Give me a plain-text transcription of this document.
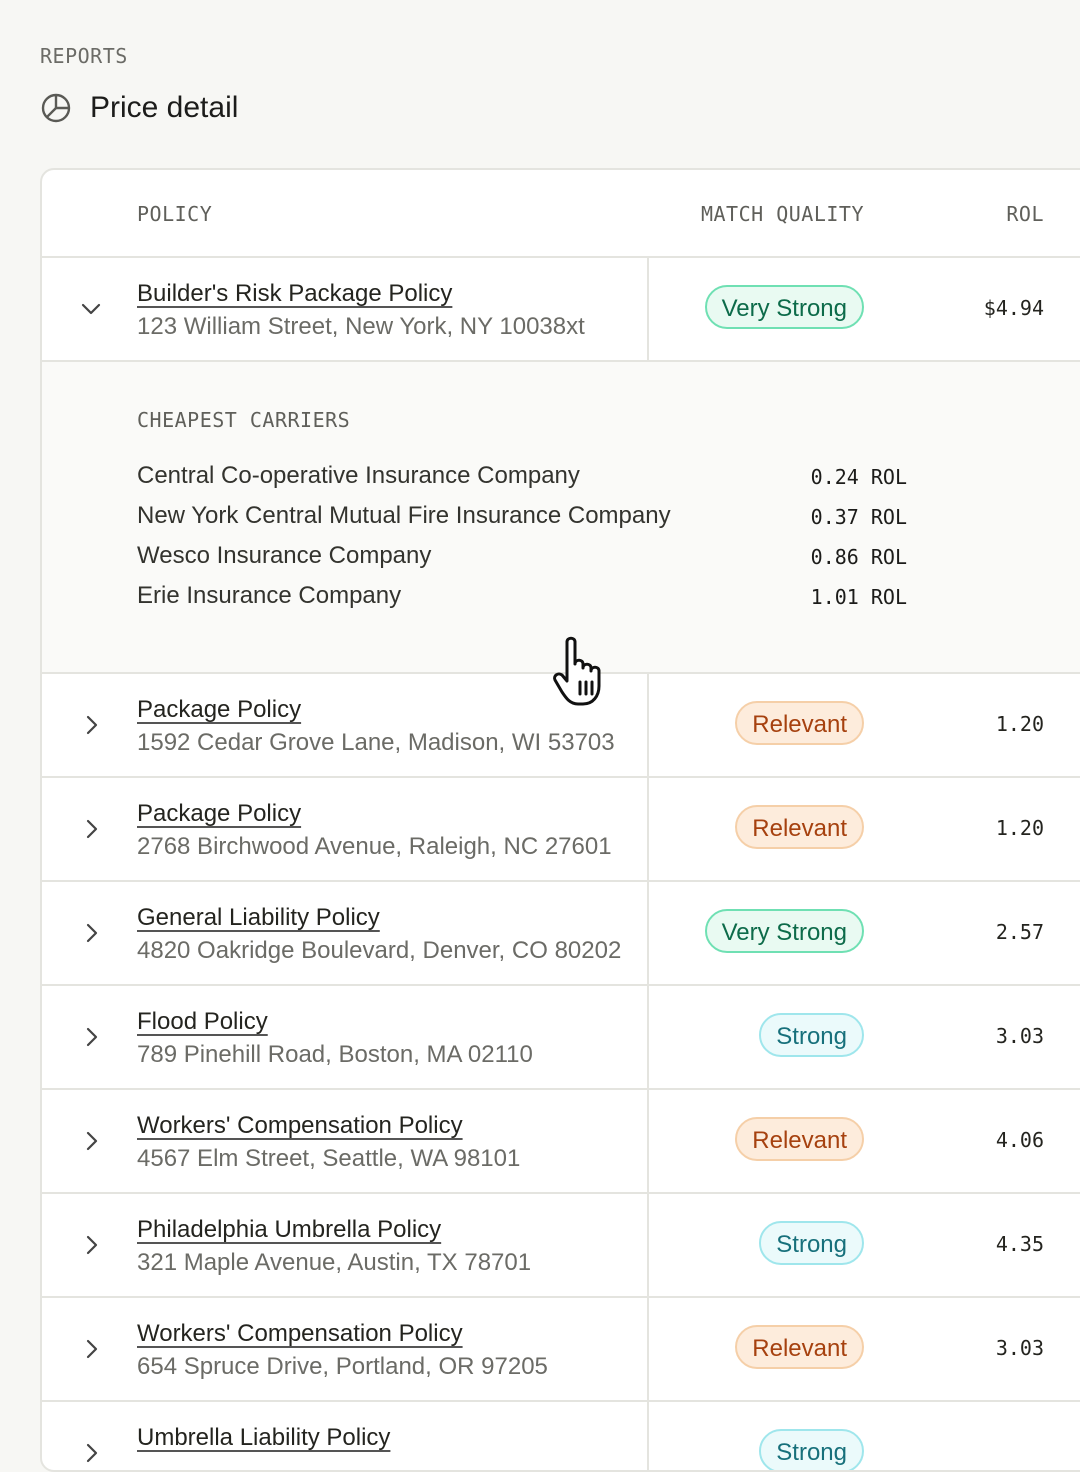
REPORTS
Price detail
POLICY	MATCH QUALITY	ROL
Builder's Risk Package Policy
123 William Street, New York, NY 10038xt
Very Strong	$4.94
CHEAPEST CARRIERS
Central Co-operative Insurance Company	0.24 ROL
New York Central Mutual Fire Insurance Company	0.37 ROL
Wesco Insurance Company	0.86 ROL
Erie Insurance Company	1.01 ROL
Package Policy
1592 Cedar Grove Lane, Madison, WI 53703
Relevant	1.20
Package Policy
2768 Birchwood Avenue, Raleigh, NC 27601
Relevant	1.20
General Liability Policy
4820 Oakridge Boulevard, Denver, CO 80202
Very Strong	2.57
Flood Policy
789 Pinehill Road, Boston, MA 02110
Strong	3.03
Workers' Compensation Policy
4567 Elm Street, Seattle, WA 98101
Relevant	4.06
Philadelphia Umbrella Policy
321 Maple Avenue, Austin, TX 78701
Strong	4.35
Workers' Compensation Policy
654 Spruce Drive, Portland, OR 97205
Relevant	3.03
Umbrella Liability Policy
Strong
